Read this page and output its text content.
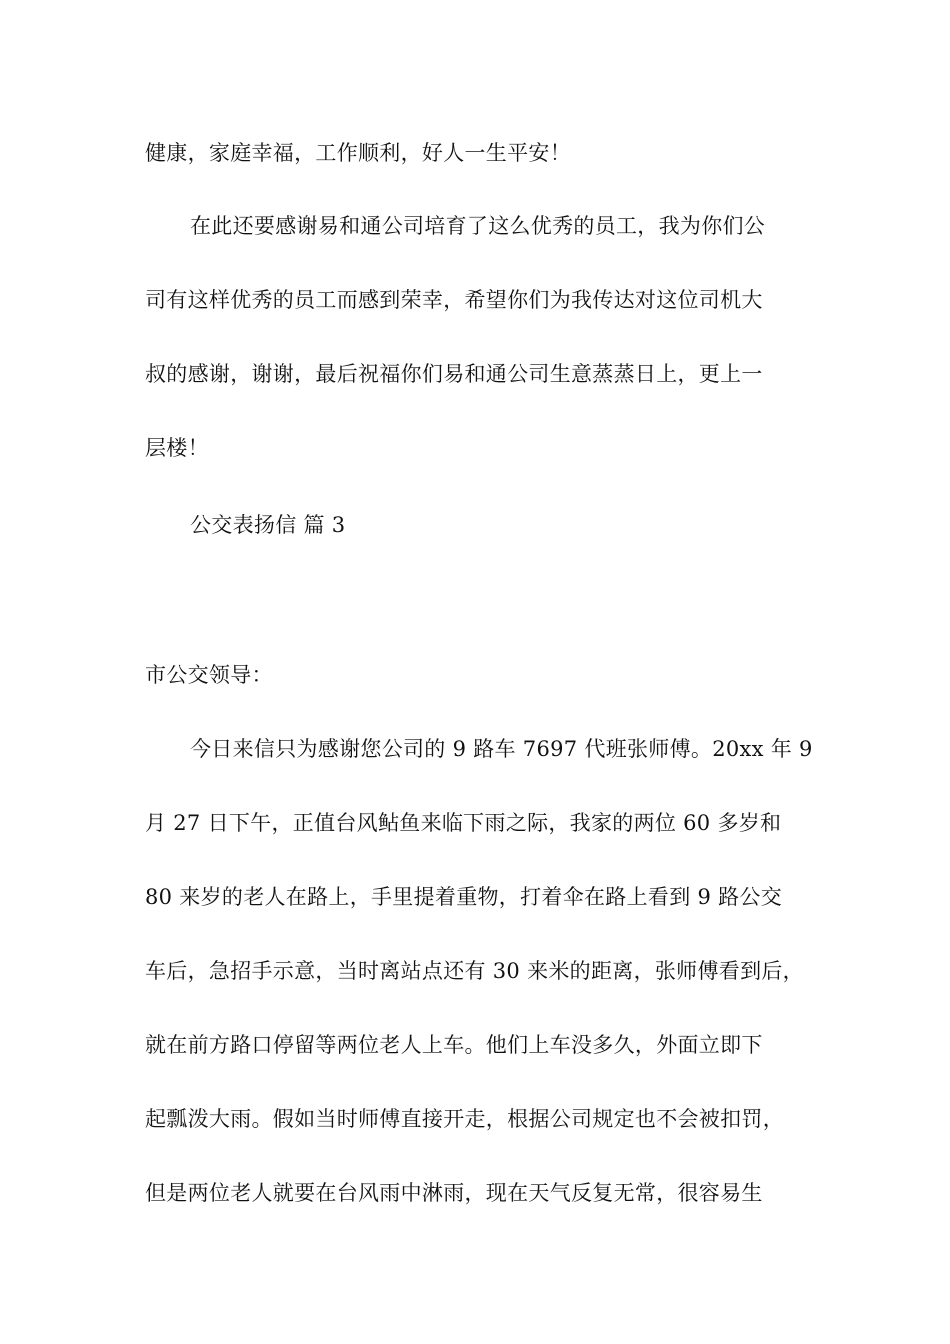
健康，家庭幸福，工作顺利，好人一生平安！
在此还要感谢易和通公司培育了这么优秀的员工，我为你们公
司有这样优秀的员工而感到荣幸，希望你们为我传达对这位司机大
叔的感谢，谢谢，最后祝福你们易和通公司生意蒸蒸日上，更上一
层楼！
公交表扬信 篇 3
市公交领导：
今日来信只为感谢您公司的 9 路车 7697 代班张师傅。20xx 年 9
月 27 日下午，正值台风鲇鱼来临下雨之际，我家的两位 60 多岁和
80 来岁的老人在路上，手里提着重物，打着伞在路上看到 9 路公交
车后，急招手示意，当时离站点还有 30 来米的距离，张师傅看到后，
就在前方路口停留等两位老人上车。他们上车没多久，外面立即下
起瓢泼大雨。假如当时师傅直接开走，根据公司规定也不会被扣罚，
但是两位老人就要在台风雨中淋雨，现在天气反复无常，很容易生
